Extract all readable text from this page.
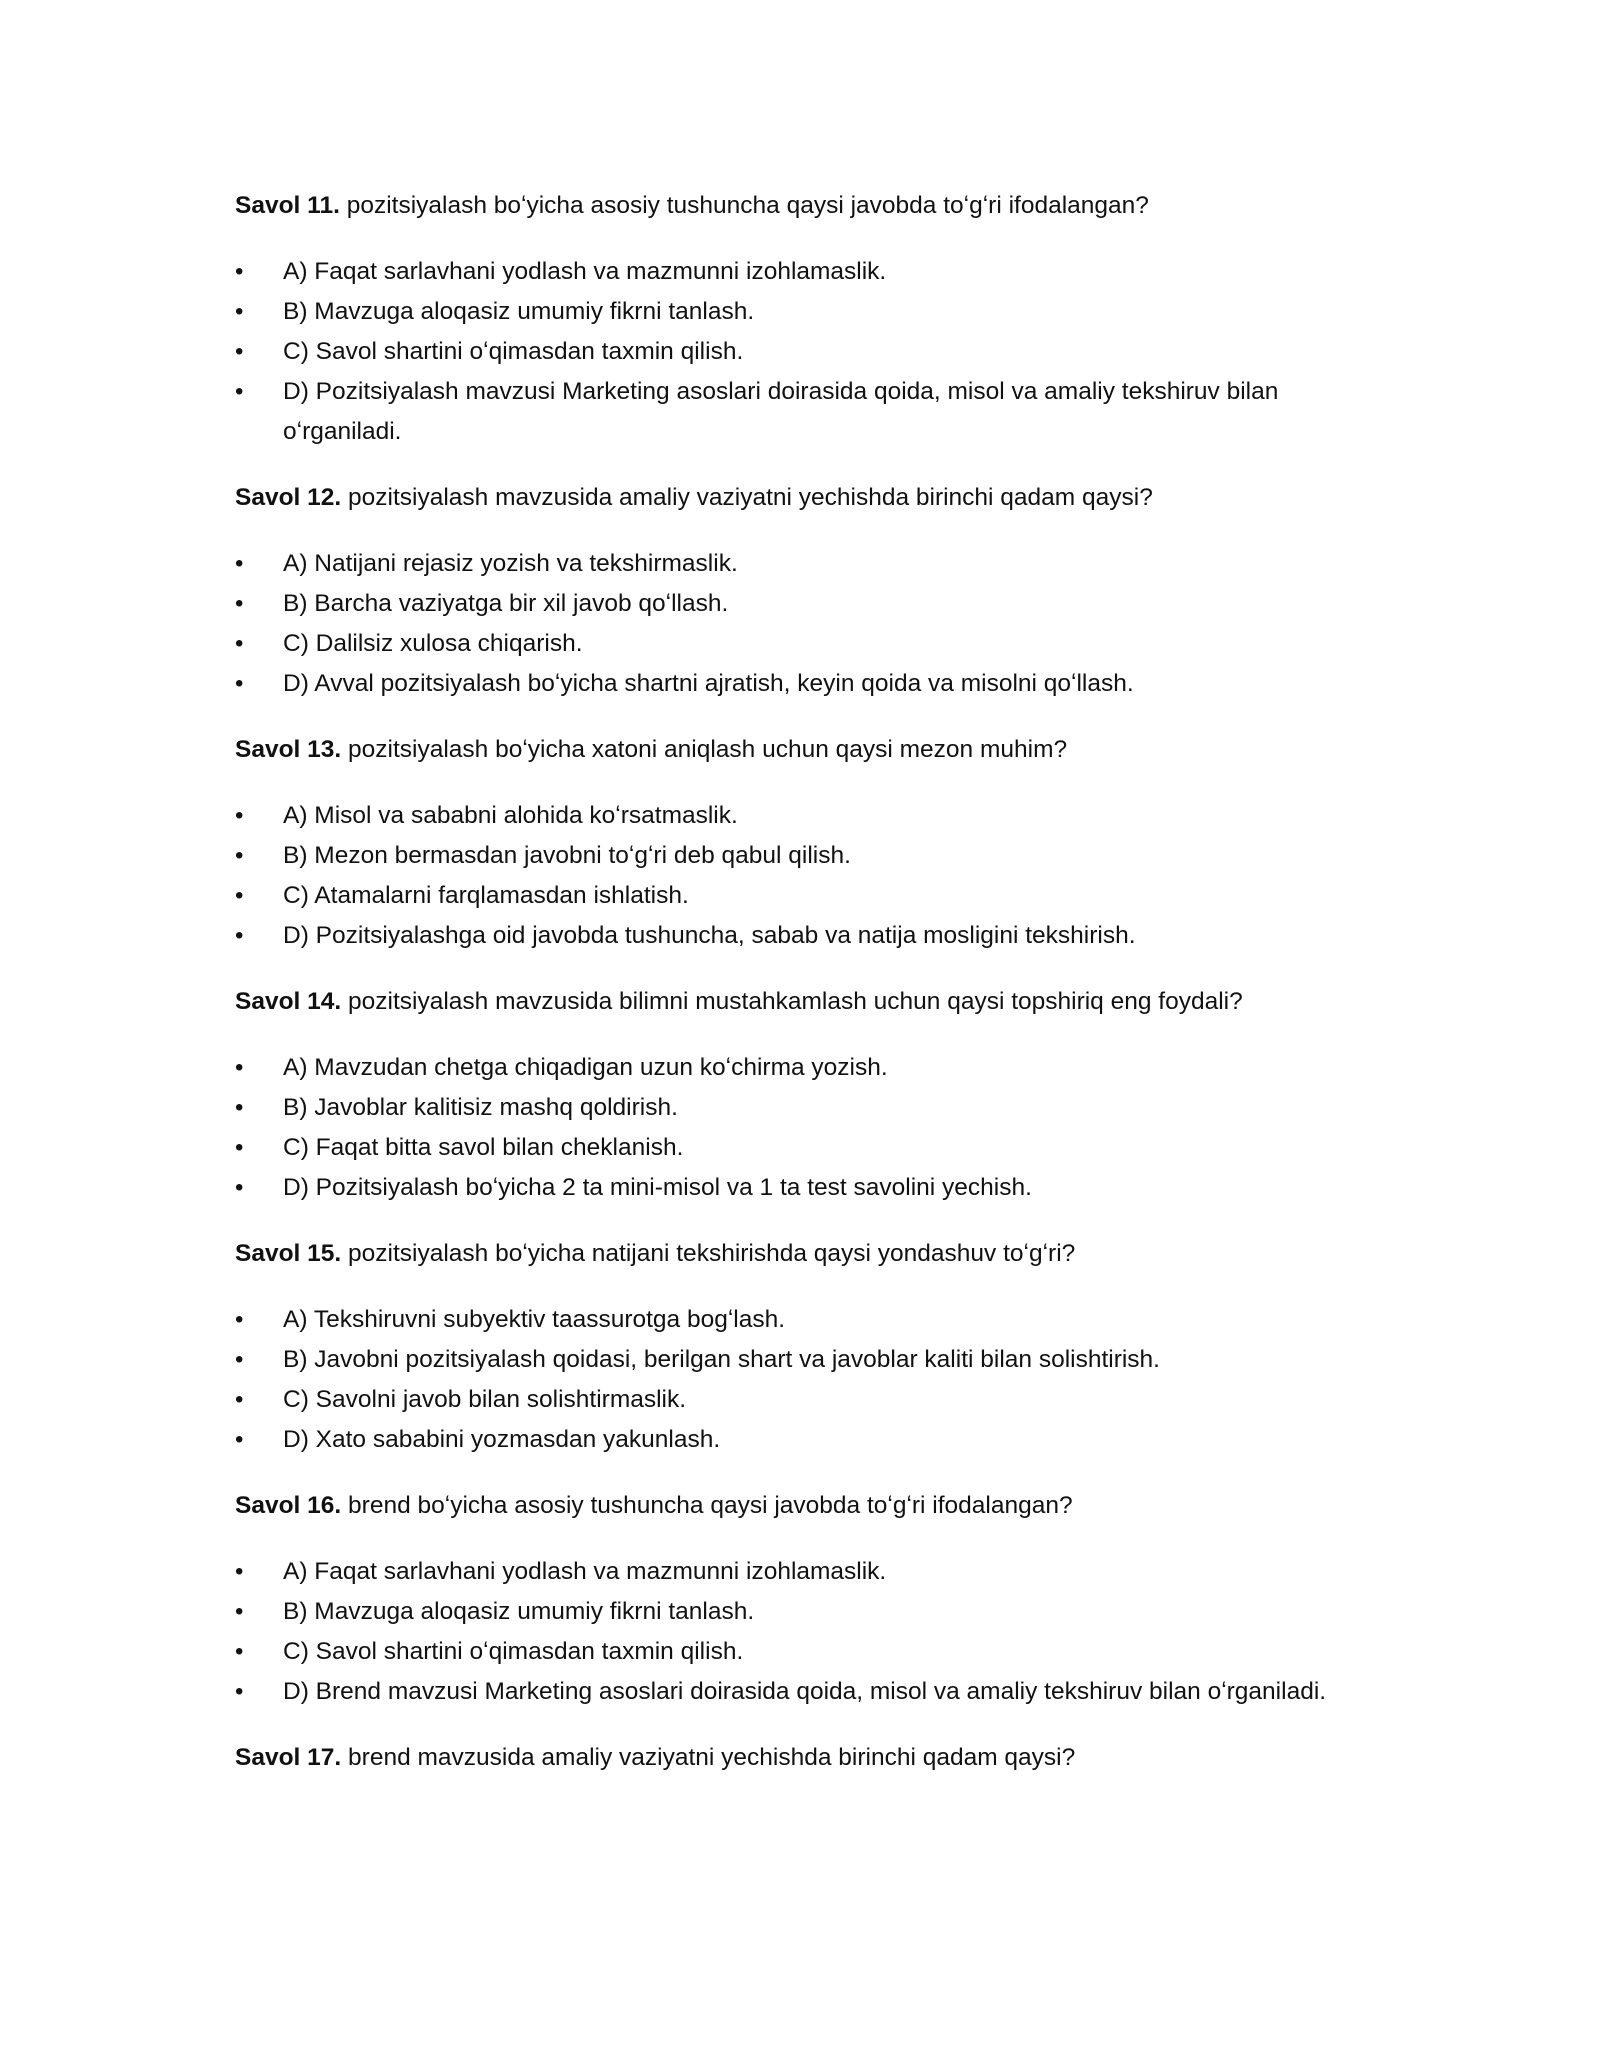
Savol 11. pozitsiyalash boʻyicha asosiy tushuncha qaysi javobda toʻgʻri ifodalangan?

•	A) Faqat sarlavhani yodlash va mazmunni izohlamaslik.
•	B) Mavzuga aloqasiz umumiy fikrni tanlash.
•	C) Savol shartini oʻqimasdan taxmin qilish.
•	D) Pozitsiyalash mavzusi Marketing asoslari doirasida qoida, misol va amaliy tekshiruv bilan oʻrganiladi.

Savol 12. pozitsiyalash mavzusida amaliy vaziyatni yechishda birinchi qadam qaysi?

•	A) Natijani rejasiz yozish va tekshirmaslik.
•	B) Barcha vaziyatga bir xil javob qoʻllash.
•	C) Dalilsiz xulosa chiqarish.
•	D) Avval pozitsiyalash boʻyicha shartni ajratish, keyin qoida va misolni qoʻllash.

Savol 13. pozitsiyalash boʻyicha xatoni aniqlash uchun qaysi mezon muhim?

•	A) Misol va sababni alohida koʻrsatmaslik.
•	B) Mezon bermasdan javobni toʻgʻri deb qabul qilish.
•	C) Atamalarni farqlamasdan ishlatish.
•	D) Pozitsiyalashga oid javobda tushuncha, sabab va natija mosligini tekshirish.

Savol 14. pozitsiyalash mavzusida bilimni mustahkamlash uchun qaysi topshiriq eng foydali?

•	A) Mavzudan chetga chiqadigan uzun koʻchirma yozish.
•	B) Javoblar kalitisiz mashq qoldirish.
•	C) Faqat bitta savol bilan cheklanish.
•	D) Pozitsiyalash boʻyicha 2 ta mini-misol va 1 ta test savolini yechish.

Savol 15. pozitsiyalash boʻyicha natijani tekshirishda qaysi yondashuv toʻgʻri?

•	A) Tekshiruvni subyektiv taassurotga bogʻlash.
•	B) Javobni pozitsiyalash qoidasi, berilgan shart va javoblar kaliti bilan solishtirish.
•	C) Savolni javob bilan solishtirmaslik.
•	D) Xato sababini yozmasdan yakunlash.

Savol 16. brend boʻyicha asosiy tushuncha qaysi javobda toʻgʻri ifodalangan?

•	A) Faqat sarlavhani yodlash va mazmunni izohlamaslik.
•	B) Mavzuga aloqasiz umumiy fikrni tanlash.
•	C) Savol shartini oʻqimasdan taxmin qilish.
•	D) Brend mavzusi Marketing asoslari doirasida qoida, misol va amaliy tekshiruv bilan oʻrganiladi.

Savol 17. brend mavzusida amaliy vaziyatni yechishda birinchi qadam qaysi?
